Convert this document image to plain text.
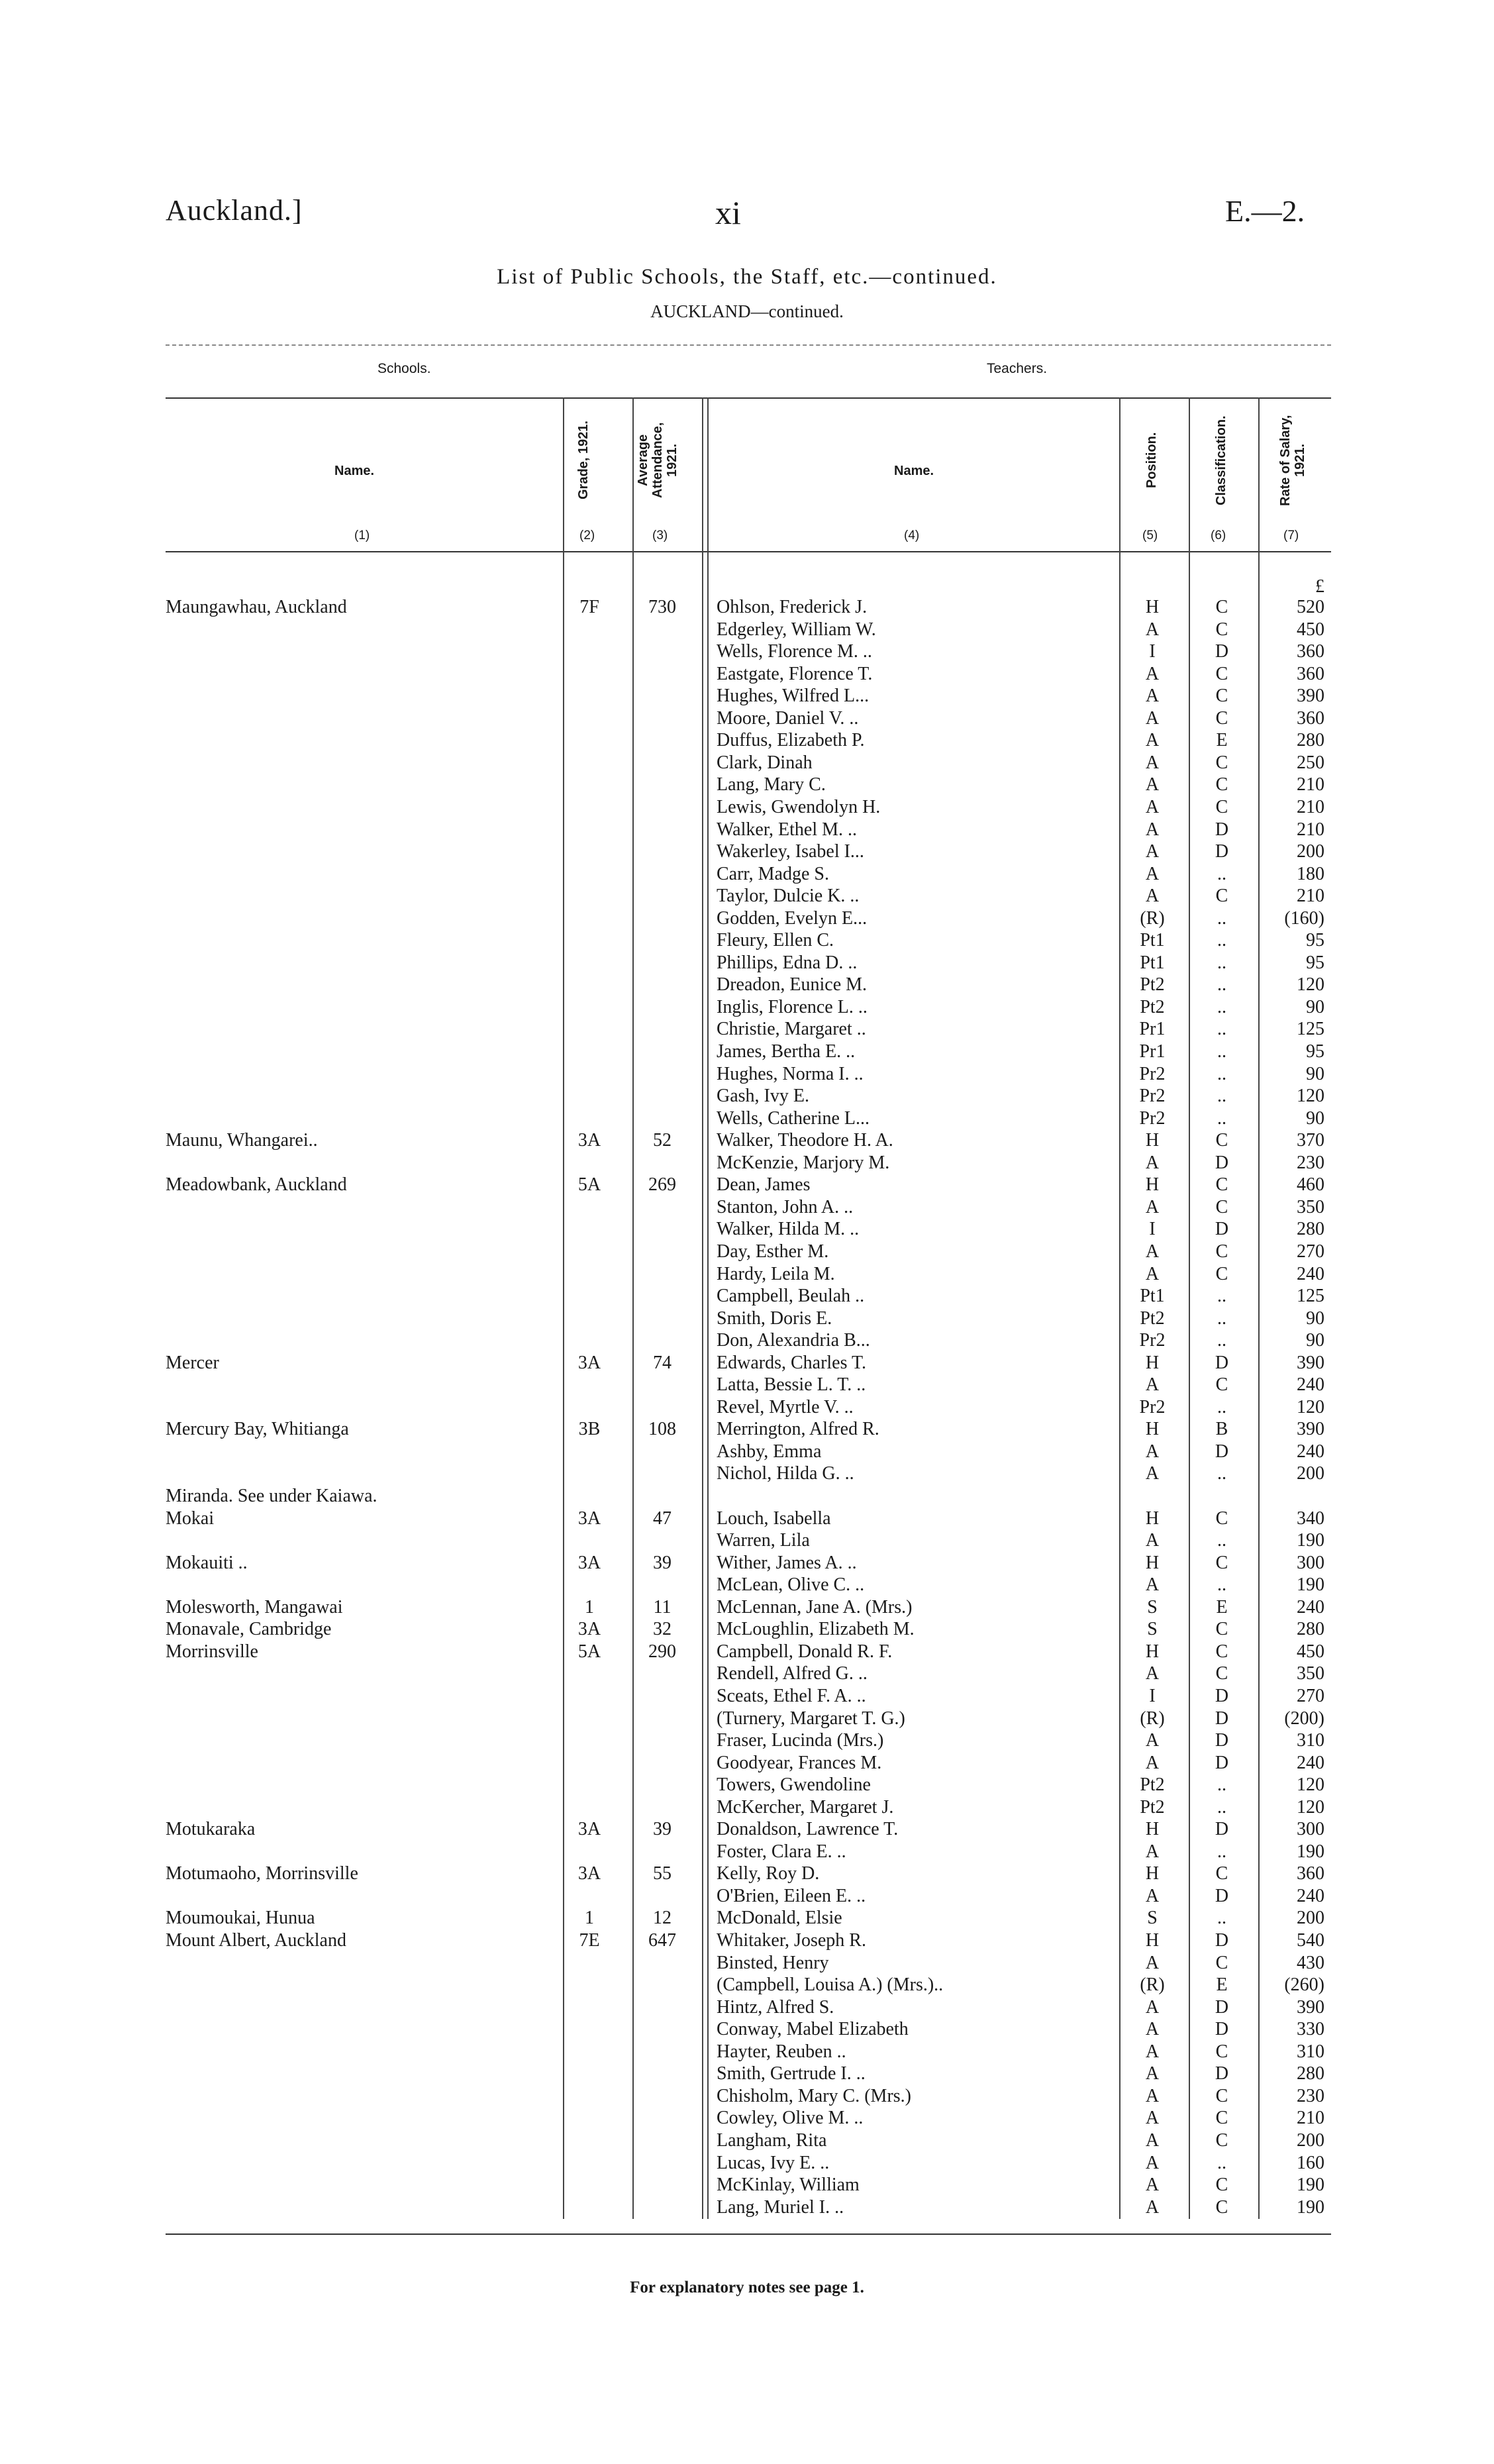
Auckland.]	xi	E.—2.
List of Public Schools, the Staff, etc.—continued.
AUCKLAND—continued.
Schools.	Teachers.
Name.	Grade, 1921.	Average Attendance, 1921.	Name.	Position.	Classification.	Rate of Salary, 1921.
(1)	(2)	(3)	(4)	(5)	(6)	(7)
£
Maungawhau, Auckland	7F	730	Ohlson, Frederick J.	H	C	520
Edgerley, William W.	A	C	450
Wells, Florence M. ..	I	D	360
Eastgate, Florence T.	A	C	360
Hughes, Wilfred L...	A	C	390
Moore, Daniel V. ..	A	C	360
Duffus, Elizabeth P.	A	E	280
Clark, Dinah	A	C	250
Lang, Mary C.	A	C	210
Lewis, Gwendolyn H.	A	C	210
Walker, Ethel M. ..	A	D	210
Wakerley, Isabel I...	A	D	200
Carr, Madge S.	A	..	180
Taylor, Dulcie K. ..	A	C	210
Godden, Evelyn E...	(R)	..	(160)
Fleury, Ellen C.	Pt1	..	95
Phillips, Edna D. ..	Pt1	..	95
Dreadon, Eunice M.	Pt2	..	120
Inglis, Florence L. ..	Pt2	..	90
Christie, Margaret ..	Pr1	..	125
James, Bertha E. ..	Pr1	..	95
Hughes, Norma I. ..	Pr2	..	90
Gash, Ivy E.	Pr2	..	120
Wells, Catherine L...	Pr2	..	90
Maunu, Whangarei..	3A	52	Walker, Theodore H. A.	H	C	370
McKenzie, Marjory M.	A	D	230
Meadowbank, Auckland	5A	269	Dean, James	H	C	460
Stanton, John A. ..	A	C	350
Walker, Hilda M. ..	I	D	280
Day, Esther M.	A	C	270
Hardy, Leila M.	A	C	240
Campbell, Beulah ..	Pt1	..	125
Smith, Doris E.	Pt2	..	90
Don, Alexandria B...	Pr2	..	90
Mercer	3A	74	Edwards, Charles T.	H	D	390
Latta, Bessie L. T. ..	A	C	240
Revel, Myrtle V. ..	Pr2	..	120
Mercury Bay, Whitianga	3B	108	Merrington, Alfred R.	H	B	390
Ashby, Emma	A	D	240
Nichol, Hilda G. ..	A	..	200
Miranda. See under Kaiawa.
Mokai	3A	47	Louch, Isabella	H	C	340
Warren, Lila	A	..	190
Mokauiti ..	3A	39	Wither, James A. ..	H	C	300
McLean, Olive C. ..	A	..	190
Molesworth, Mangawai	1	11	McLennan, Jane A. (Mrs.)	S	E	240
Monavale, Cambridge	3A	32	McLoughlin, Elizabeth M.	S	C	280
Morrinsville	5A	290	Campbell, Donald R. F.	H	C	450
Rendell, Alfred G. ..	A	C	350
Sceats, Ethel F. A. ..	I	D	270
(Turnery, Margaret T. G.)	(R)	D	(200)
Fraser, Lucinda (Mrs.)	A	D	310
Goodyear, Frances M.	A	D	240
Towers, Gwendoline	Pt2	..	120
McKercher, Margaret J.	Pt2	..	120
Motukaraka	3A	39	Donaldson, Lawrence T.	H	D	300
Foster, Clara E. ..	A	..	190
Motumaoho, Morrinsville	3A	55	Kelly, Roy D.	H	C	360
O'Brien, Eileen E. ..	A	D	240
Moumoukai, Hunua	1	12	McDonald, Elsie	S	..	200
Mount Albert, Auckland	7E	647	Whitaker, Joseph R.	H	D	540
Binsted, Henry	A	C	430
(Campbell, Louisa A.) (Mrs.)..	(R)	E	(260)
Hintz, Alfred S.	A	D	390
Conway, Mabel Elizabeth	A	D	330
Hayter, Reuben ..	A	C	310
Smith, Gertrude I. ..	A	D	280
Chisholm, Mary C. (Mrs.)	A	C	230
Cowley, Olive M. ..	A	C	210
Langham, Rita	A	C	200
Lucas, Ivy E. ..	A	..	160
McKinlay, William	A	C	190
Lang, Muriel I. ..	A	C	190
For explanatory notes see page 1.
